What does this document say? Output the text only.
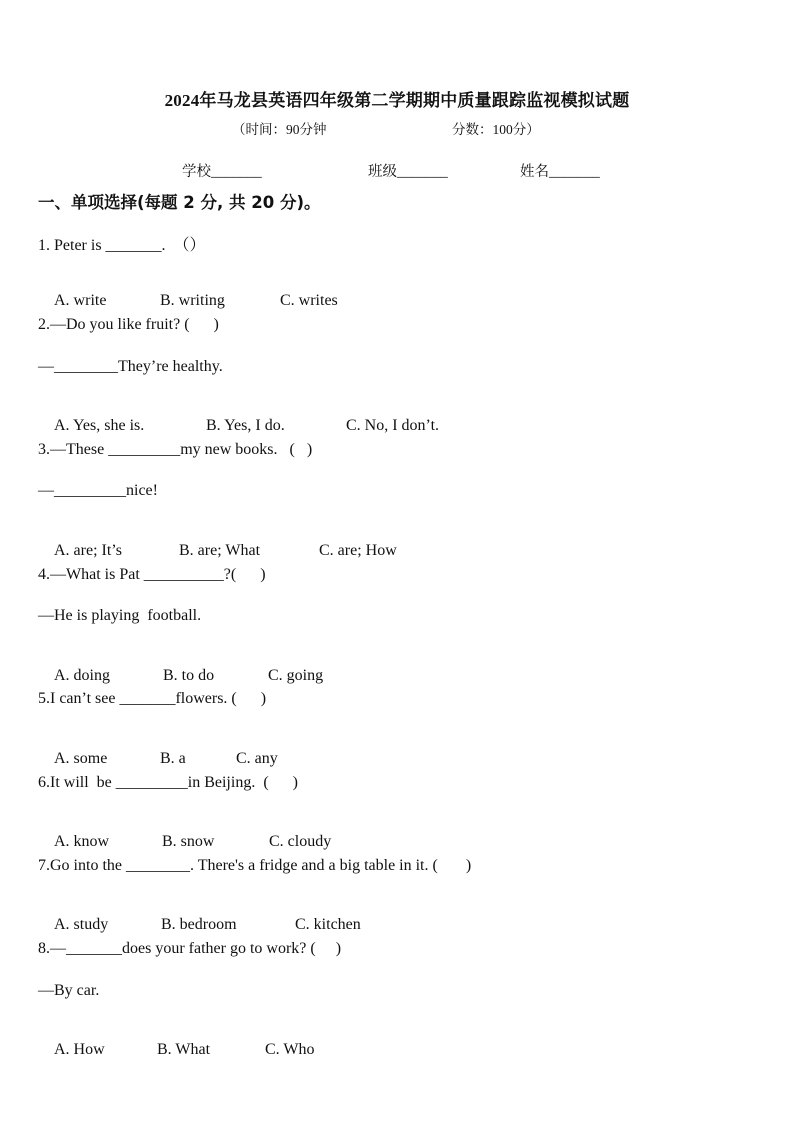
2024年马龙县英语四年级第二学期期中质量跟踪监视模拟试题
（时间：90分钟	分数：100分）
学校_______	班级_______	姓名_______
一、单项选择(每题 2 分, 共 20 分)。
1. Peter is _______.  （）

A. write	B. writing	C. writes

2.—Do you like fruit? (      )
—________They’re healthy.

A. Yes, she is.	B. Yes, I do.	C. No, I don’t.

3.—These _________my new books.   (   )
—_________nice!

A. are; It’s	B. are; What	C. are; How

4.—What is Pat __________?(      )
—He is playing  football.

A. doing	B. to do	C. going

5.I can’t see _______flowers. (      )

A. some	B. a	C. any

6.It will  be _________in Beijing.  (      )

A. know	B. snow	C. cloudy

7.Go into the ________. There's a fridge and a big table in it. (       )

A. study	B. bedroom	C. kitchen

8.—_______does your father go to work? (     )
—By car.

A. How	B. What	C. Who
